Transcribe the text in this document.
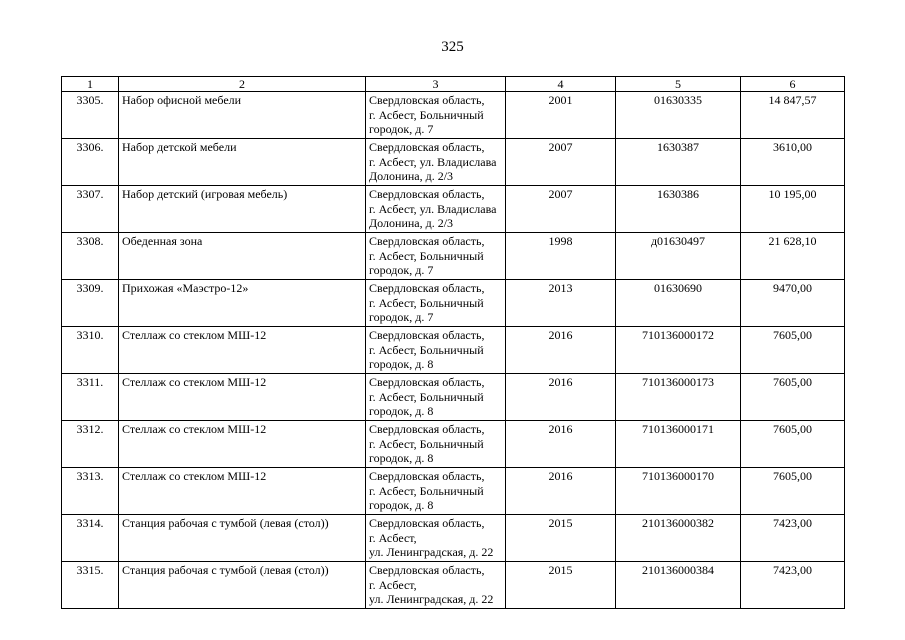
325
1	2	3	4	5	6
3305.	Набор офисной мебели	Свердловская область,
г. Асбест, Больничный
городок, д. 7	2001	01630335	14 847,57
3306.	Набор детской мебели	Свердловская область,
г. Асбест, ул. Владислава
Долонина, д. 2/3	2007	1630387	3610,00
3307.	Набор детский (игровая мебель)	Свердловская область,
г. Асбест, ул. Владислава
Долонина, д. 2/3	2007	1630386	10 195,00
3308.	Обеденная зона	Свердловская область,
г. Асбест, Больничный
городок, д. 7	1998	д01630497	21 628,10
3309.	Прихожая «Маэстро-12»	Свердловская область,
г. Асбест, Больничный
городок, д. 7	2013	01630690	9470,00
3310.	Стеллаж со стеклом МШ-12	Свердловская область,
г. Асбест, Больничный
городок, д. 8	2016	710136000172	7605,00
3311.	Стеллаж со стеклом МШ-12	Свердловская область,
г. Асбест, Больничный
городок, д. 8	2016	710136000173	7605,00
3312.	Стеллаж со стеклом МШ-12	Свердловская область,
г. Асбест, Больничный
городок, д. 8	2016	710136000171	7605,00
3313.	Стеллаж со стеклом МШ-12	Свердловская область,
г. Асбест, Больничный
городок, д. 8	2016	710136000170	7605,00
3314.	Станция рабочая с тумбой (левая (стол))	Свердловская область,
г. Асбест,
ул. Ленинградская, д. 22	2015	210136000382	7423,00
3315.	Станция рабочая с тумбой (левая (стол))	Свердловская область,
г. Асбест,
ул. Ленинградская, д. 22	2015	210136000384	7423,00
